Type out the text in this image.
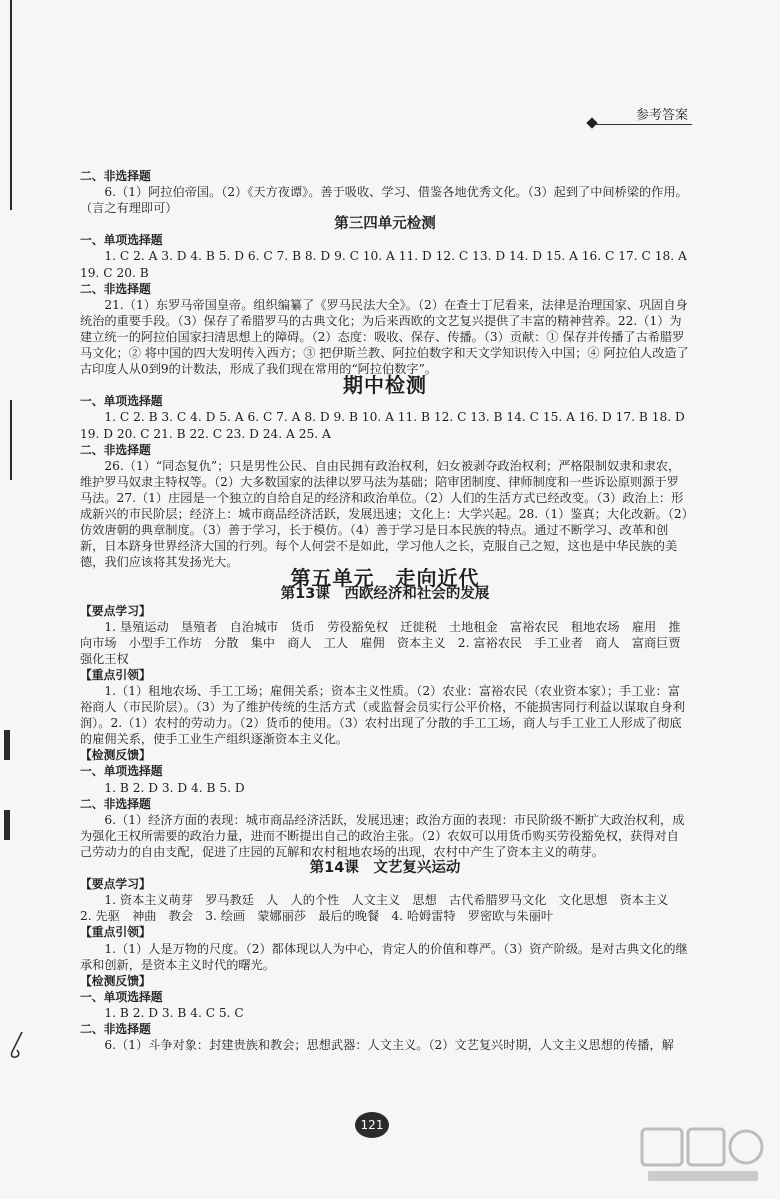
参考答案

二、非选择题

6.（1）阿拉伯帝国。（2）《天方夜谭》。善于吸收、学习、借鉴各地优秀文化。（3）起到了中间桥梁的作用。（言之有理即可）

第三四单元检测

一、单项选择题

1. C 2. A 3. D 4. B 5. D 6. C 7. B 8. D 9. C 10. A 11. D 12. C 13. D 14. D 15. A 16. C 17. C 18. A 19. C 20. B

二、非选择题

21.（1）东罗马帝国皇帝。组织编纂了《罗马民法大全》。（2）在查士丁尼看来，法律是治理国家、巩固自身统治的重要手段。（3）保存了希腊罗马的古典文化；为后来西欧的文艺复兴提供了丰富的精神营养。22.（1）为建立统一的阿拉伯国家扫清思想上的障碍。（2）态度：吸收、保存、传播。（3）贡献：① 保存并传播了古希腊罗马文化；② 将中国的四大发明传入西方；③ 把伊斯兰教、阿拉伯数字和天文学知识传入中国；④ 阿拉伯人改造了古印度人从0到9的计数法，形成了我们现在常用的“阿拉伯数字”。

期中检测

一、单项选择题

1. C 2. B 3. C 4. D 5. A 6. C 7. A 8. D 9. B 10. A 11. B 12. C 13. B 14. C 15. A 16. D 17. B 18. D 19. D 20. C 21. B 22. C 23. D 24. A 25. A

二、非选择题

26.（1）“同态复仇”；只是男性公民、自由民拥有政治权利，妇女被剥夺政治权利；严格限制奴隶和隶农，维护罗马奴隶主特权等。（2）大多数国家的法律以罗马法为基础；陪审团制度、律师制度和一些诉讼原则源于罗马法。27.（1）庄园是一个独立的自给自足的经济和政治单位。（2）人们的生活方式已经改变。（3）政治上：形成新兴的市民阶层；经济上：城市商品经济活跃，发展迅速；文化上：大学兴起。28.（1）鉴真；大化改新。（2）仿效唐朝的典章制度。（3）善于学习，长于模仿。（4）善于学习是日本民族的特点。通过不断学习、改革和创新，日本跻身世界经济大国的行列。每个人何尝不是如此，学习他人之长，克服自己之短，这也是中华民族的美德，我们应该将其发扬光大。

第五单元　走向近代

第13课　西欧经济和社会的发展

【要点学习】

1. 垦殖运动　垦殖者　自治城市　货币　劳役豁免权　迁徙税　土地租金　富裕农民　租地农场　雇用　推向市场　小型手工作坊　分散　集中　商人　工人　雇佣　资本主义　2. 富裕农民　手工业者　商人　富商巨贾　强化王权

【重点引领】

1.（1）租地农场、手工工场；雇佣关系；资本主义性质。（2）农业：富裕农民（农业资本家）；手工业：富裕商人（市民阶层）。（3）为了维护传统的生活方式（或监督会员实行公平价格，不能损害同行利益以谋取自身利润）。2.（1）农村的劳动力。（2）货币的使用。（3）农村出现了分散的手工工场，商人与手工业工人形成了彻底的雇佣关系，使手工业生产组织逐渐资本主义化。

【检测反馈】

一、单项选择题

1. B 2. D 3. D 4. B 5. D

二、非选择题

6.（1）经济方面的表现：城市商品经济活跃，发展迅速；政治方面的表现：市民阶级不断扩大政治权利，成为强化王权所需要的政治力量，进而不断提出自己的政治主张。（2）农奴可以用货币购买劳役豁免权，获得对自己劳动力的自由支配，促进了庄园的瓦解和农村租地农场的出现，农村中产生了资本主义的萌芽。

第14课　文艺复兴运动

【要点学习】

1. 资本主义萌芽　罗马教廷　人　人的个性　人文主义　思想　古代希腊罗马文化　文化思想　资本主义　2. 先驱　神曲　教会　3. 绘画　蒙娜丽莎　最后的晚餐　4. 哈姆雷特　罗密欧与朱丽叶

【重点引领】

1.（1）人是万物的尺度。（2）都体现以人为中心，肯定人的价值和尊严。（3）资产阶级。是对古典文化的继承和创新，是资本主义时代的曙光。

【检测反馈】

一、单项选择题

1. B 2. D 3. B 4. C 5. C

二、非选择题

6.（1）斗争对象：封建贵族和教会；思想武器：人文主义。（2）文艺复兴时期，人文主义思想的传播，解

121
